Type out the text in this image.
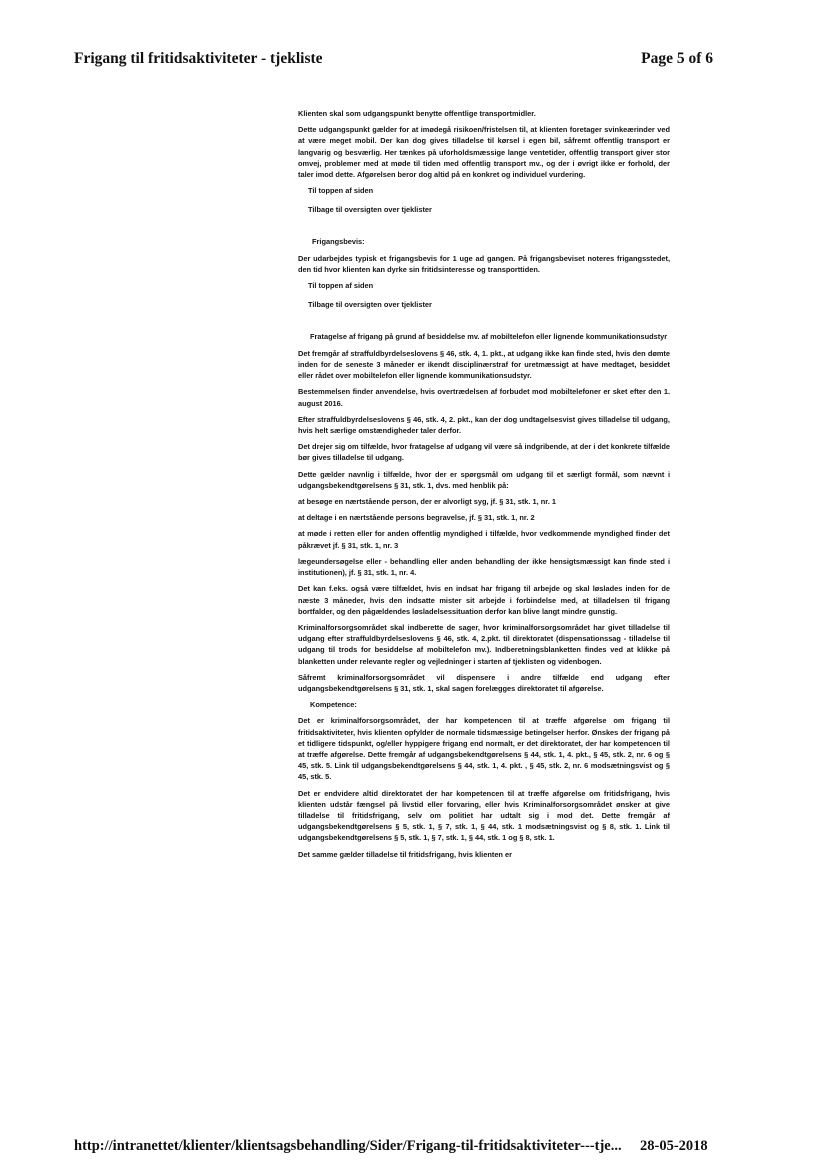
Frigang til fritidsaktiviteter - tjekliste	Page 5 of 6

Klienten skal som udgangspunkt benytte offentlige transportmidler.

Dette udgangspunkt gælder for at imødegå risikoen/fristelsen til, at klienten foretager svinkeærinder ved at være meget mobil. Der kan dog gives tilladelse til kørsel i egen bil, såfremt offentlig transport er langvarig og besværlig. Her tænkes på uforholdsmæssige lange ventetider, offentlig transport giver stor omvej, problemer med at møde til tiden med offentlig transport mv., og der i øvrigt ikke er forhold, der taler imod dette. Afgørelsen beror dog altid på en konkret og individuel vurdering.

Til toppen af siden
Tilbage til oversigten over tjeklister
Frigangsbevis:

Der udarbejdes typisk et frigangsbevis for 1 uge ad gangen. På frigangsbeviset noteres frigangsstedet, den tid hvor klienten kan dyrke sin fritidsinteresse og transporttiden.

Til toppen af siden
Tilbage til oversigten over tjeklister
Fratagelse af frigang på grund af besiddelse mv. af mobiltelefon eller lignende kommunikationsudstyr

Det fremgår af straffuldbyrdelseslovens § 46, stk. 4, 1. pkt., at udgang ikke kan finde sted, hvis den dømte inden for de seneste 3 måneder er ikendt disciplinærstraf for uretmæssigt at have medtaget, besiddet eller rådet over mobiltelefon eller lignende kommunikationsudstyr.

Bestemmelsen finder anvendelse, hvis overtrædelsen af forbudet mod mobiltelefoner er sket efter den 1. august 2016.

Efter straffuldbyrdelseslovens § 46, stk. 4, 2. pkt., kan der dog undtagelsesvist gives tilladelse til udgang, hvis helt særlige omstændigheder taler derfor.

Det drejer sig om tilfælde, hvor fratagelse af udgang vil være så indgribende, at der i det konkrete tilfælde bør gives tilladelse til udgang.

Dette gælder navnlig i tilfælde, hvor der er spørgsmål om udgang til et særligt formål, som nævnt i udgangsbekendtgørelsens § 31, stk. 1, dvs. med henblik på:

at besøge en nærtstående person, der er alvorligt syg, jf. § 31, stk. 1, nr. 1

at deltage i en nærtstående persons begravelse, jf. § 31, stk. 1, nr. 2

at møde i retten eller for anden offentlig myndighed i tilfælde, hvor vedkommende myndighed finder det påkrævet jf. § 31, stk. 1, nr. 3

lægeundersøgelse eller - behandling eller anden behandling der ikke hensigtsmæssigt kan finde sted i institutionen), jf. § 31, stk. 1, nr. 4.

Det kan f.eks. også være tilfældet, hvis en indsat har frigang til arbejde og skal løslades inden for de næste 3 måneder, hvis den indsatte mister sit arbejde i forbindelse med, at tilladelsen til frigang bortfalder, og den pågældendes løsladelsessituation derfor kan blive langt mindre gunstig.

Kriminalforsorgsområdet skal indberette de sager, hvor kriminalforsorgsområdet har givet tilladelse til udgang efter straffuldbyrdelseslovens § 46, stk. 4, 2.pkt. til direktoratet (dispensationssag - tilladelse til udgang til trods for besiddelse af mobiltelefon mv.). Indberetningsblanketten findes ved at klikke på blanketten under relevante regler og vejledninger i starten af tjeklisten og videnbogen.

Såfremt kriminalforsorgsområdet vil dispensere i andre tilfælde end udgang efter udgangsbekendtgørelsens § 31, stk. 1, skal sagen forelægges direktoratet til afgørelse.

Kompetence:

Det er kriminalforsorgsområdet, der har kompetencen til at træffe afgørelse om frigang til fritidsaktiviteter, hvis klienten opfylder de normale tidsmæssige betingelser herfor. Ønskes der frigang på et tidligere tidspunkt, og/eller hyppigere frigang end normalt, er det direktoratet, der har kompetencen til at træffe afgørelse. Dette fremgår af udgangsbekendtgørelsens § 44, stk. 1, 4. pkt., § 45, stk. 2, nr. 6 og § 45, stk. 5. Link til udgangsbekendtgørelsens § 44, stk. 1, 4. pkt. , § 45, stk. 2, nr. 6 modsætningsvist og § 45, stk. 5.

Det er endvidere altid direktoratet der har kompetencen til at træffe afgørelse om fritidsfrigang, hvis klienten udstår fængsel på livstid eller forvaring, eller hvis Kriminalforsorgsområdet ønsker at give tilladelse til fritidsfrigang, selv om politiet har udtalt sig i mod det. Dette fremgår af udgangsbekendtgørelsens § 5, stk. 1, § 7, stk. 1, § 44, stk. 1 modsætningsvist og § 8, stk. 1. Link til udgangsbekendtgørelsens § 5, stk. 1, § 7, stk. 1, § 44, stk. 1 og § 8, stk. 1.

Det samme gælder tilladelse til fritidsfrigang, hvis klienten er

http://intranettet/klienter/klientsagsbehandling/Sider/Frigang-til-fritidsaktiviteter---tje... 28-05-2018
